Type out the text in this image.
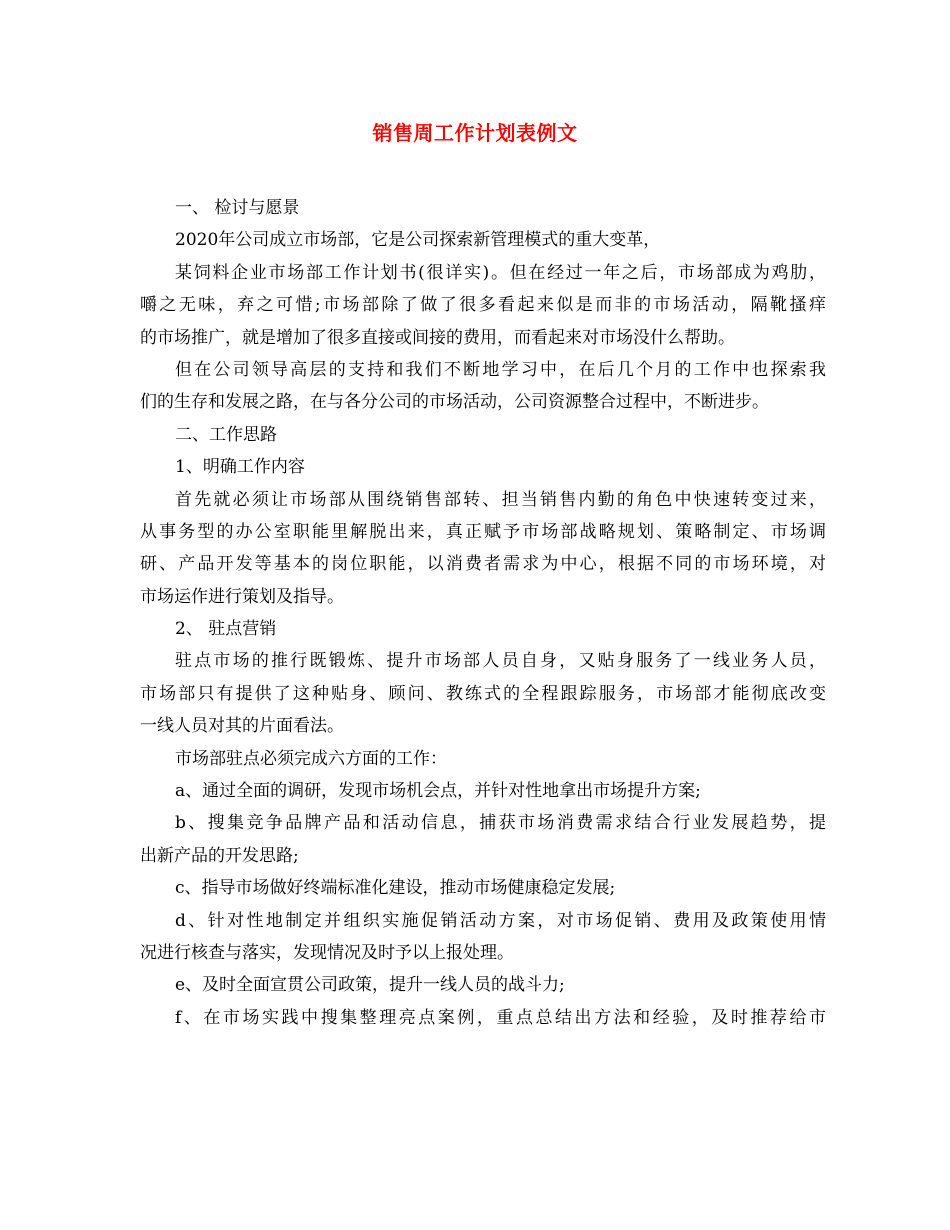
销售周工作计划表例文
一、 检讨与愿景
2020年公司成立市场部，它是公司探索新管理模式的重大变革，
某饲料企业市场部工作计划书(很详实)。但在经过一年之后，市场部成为鸡肋，
嚼之无味，弃之可惜;市场部除了做了很多看起来似是而非的市场活动，隔靴搔痒
的市场推广，就是增加了很多直接或间接的费用，而看起来对市场没什么帮助。
但在公司领导高层的支持和我们不断地学习中，在后几个月的工作中也探索我
们的生存和发展之路，在与各分公司的市场活动，公司资源整合过程中，不断进步。
二、工作思路
1、明确工作内容
首先就必须让市场部从围绕销售部转、担当销售内勤的角色中快速转变过来，
从事务型的办公室职能里解脱出来，真正赋予市场部战略规划、策略制定、市场调
研、产品开发等基本的岗位职能，以消费者需求为中心，根据不同的市场环境，对
市场运作进行策划及指导。
2、 驻点营销
驻点市场的推行既锻炼、提升市场部人员自身，又贴身服务了一线业务人员，
市场部只有提供了这种贴身、顾问、教练式的全程跟踪服务，市场部才能彻底改变
一线人员对其的片面看法。
市场部驻点必须完成六方面的工作：
a、通过全面的调研，发现市场机会点，并针对性地拿出市场提升方案;
b、搜集竞争品牌产品和活动信息，捕获市场消费需求结合行业发展趋势，提
出新产品的开发思路;
c、指导市场做好终端标准化建设，推动市场健康稳定发展;
d、针对性地制定并组织实施促销活动方案，对市场促销、费用及政策使用情
况进行核查与落实，发现情况及时予以上报处理。
e、及时全面宣贯公司政策，提升一线人员的战斗力;
f、在市场实践中搜集整理亮点案例，重点总结出方法和经验，及时推荐给市
